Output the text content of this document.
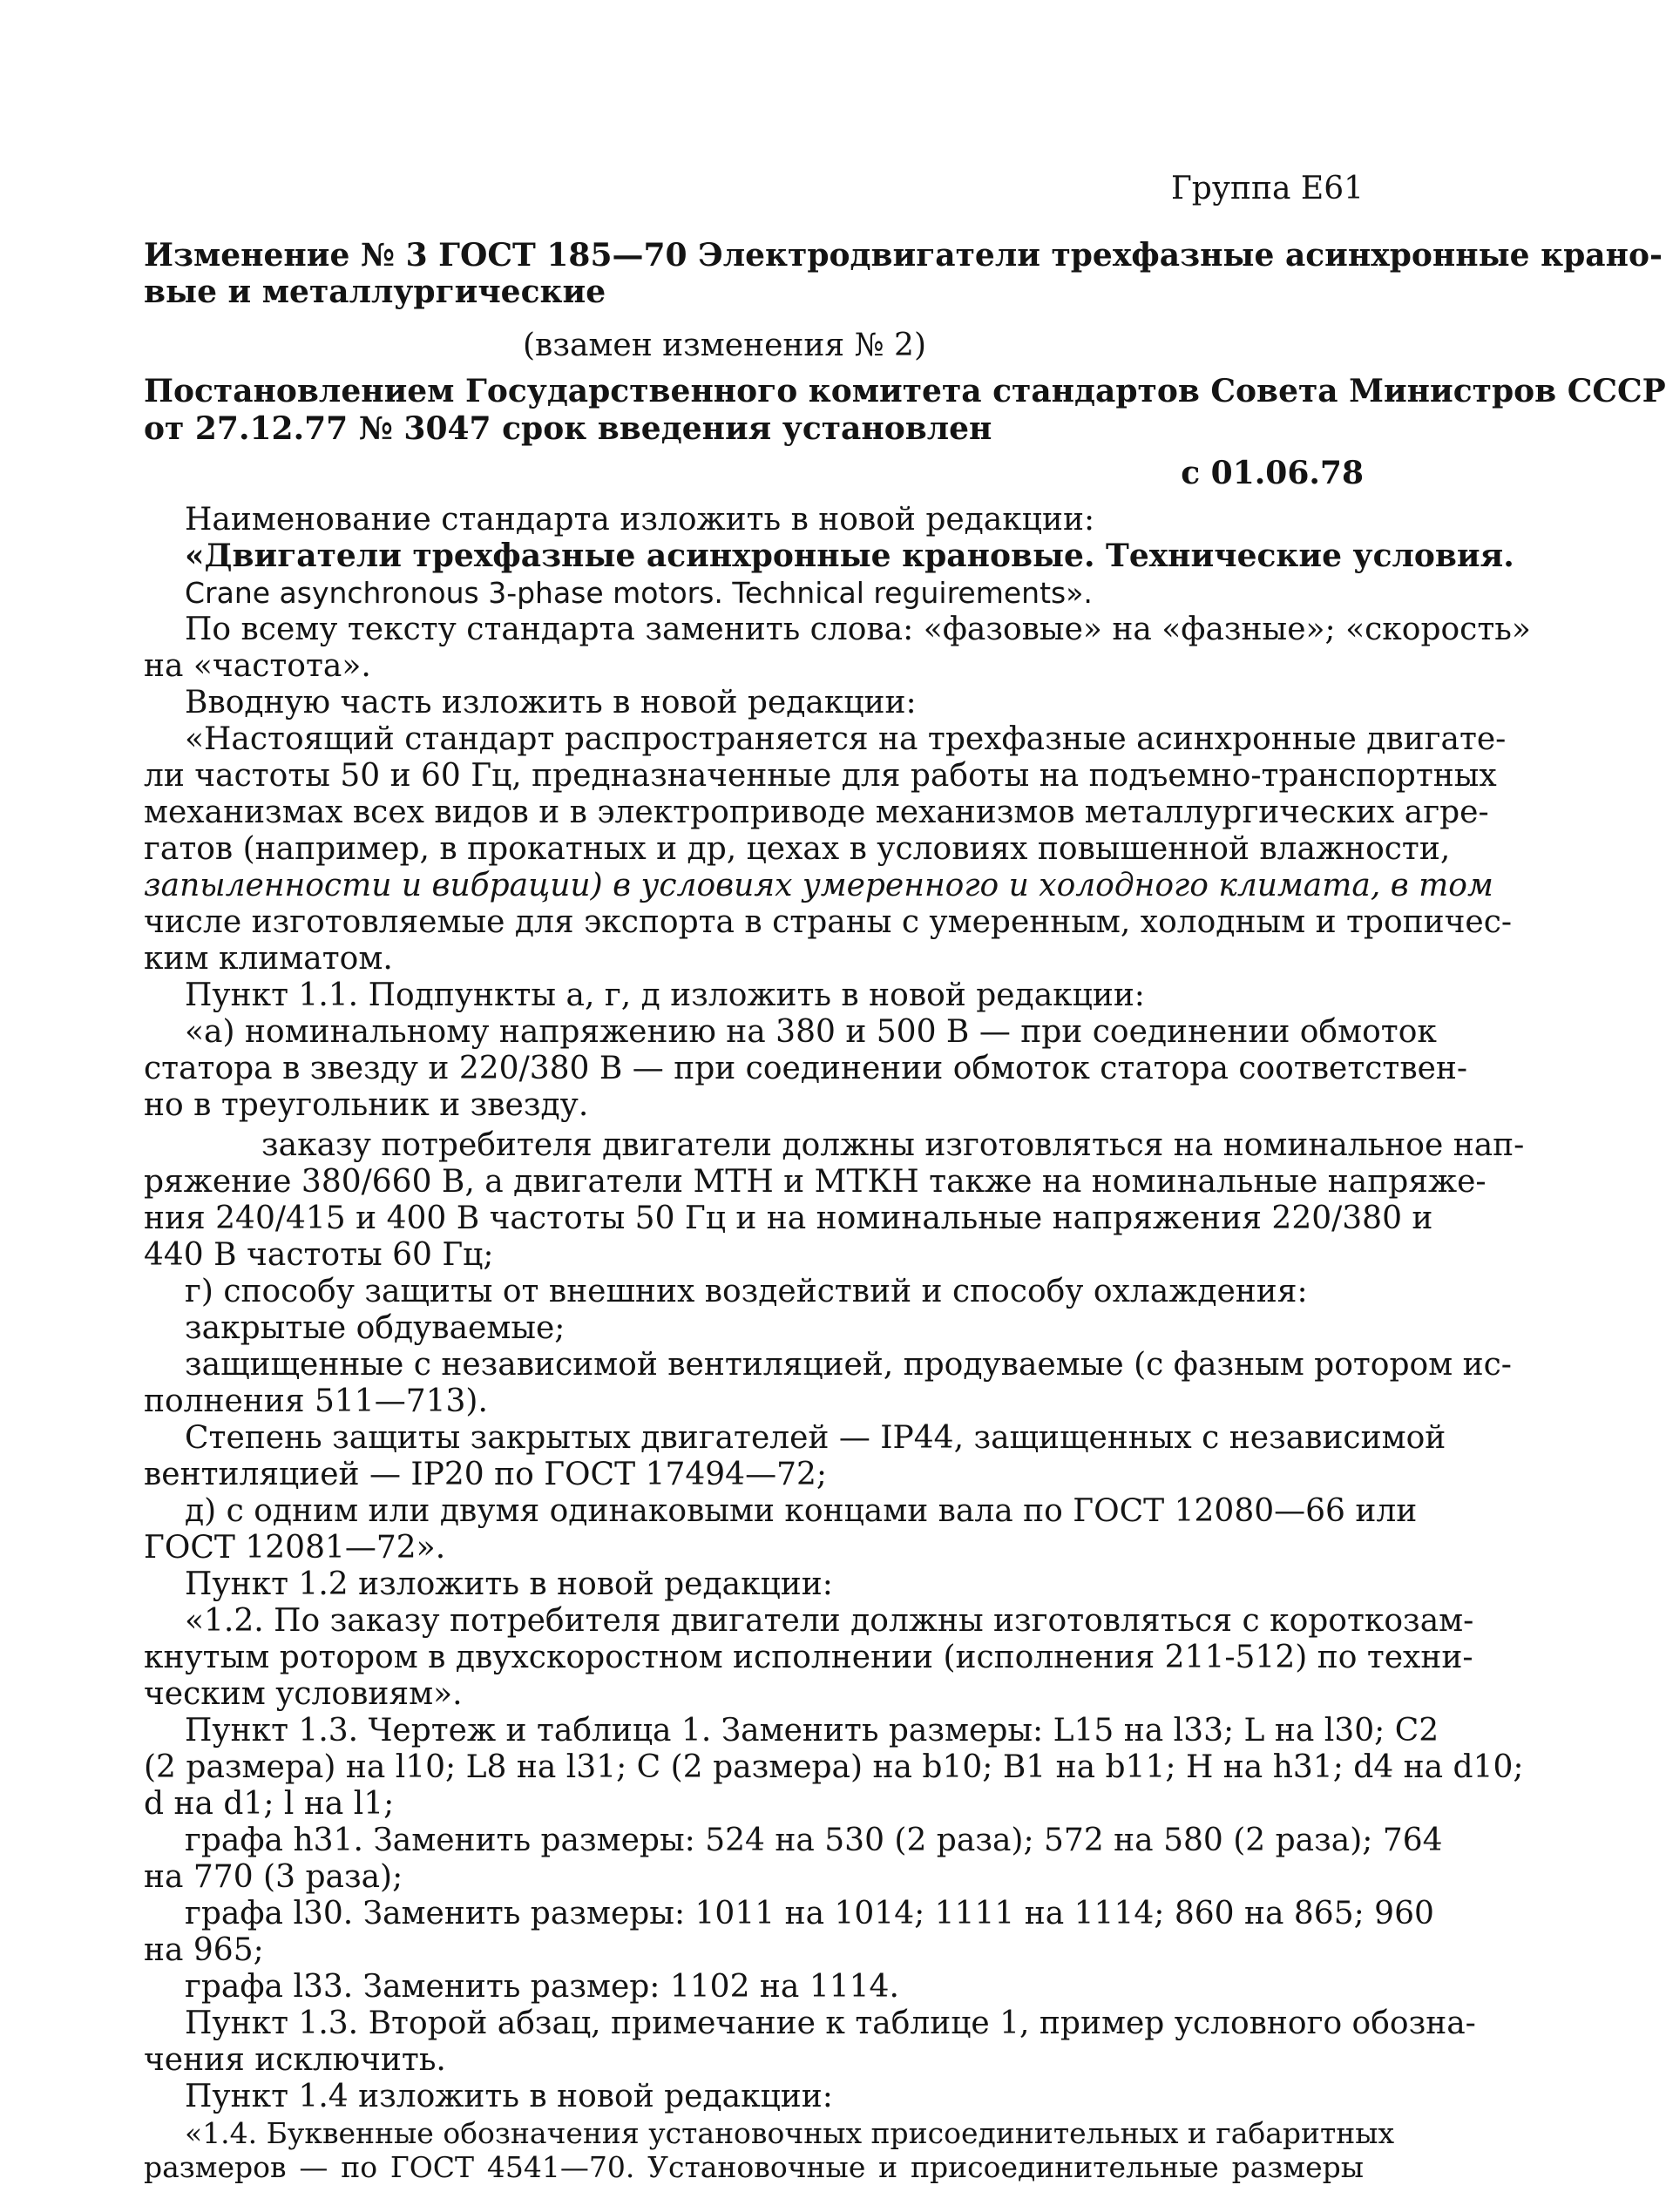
Группа Е61
Изменение № 3 ГОСТ 185—70 Электродвигатели трехфазные асинхронные крано-
вые и металлургические
(взамен изменения № 2)
Постановлением Государственного комитета стандартов Совета Министров СССР
от 27.12.77 № 3047 срок введения установлен
с 01.06.78
Наименование стандарта изложить в новой редакции:
«Двигатели трехфазные асинхронные крановые. Технические условия.
Crane asynchronous 3-phase motors. Technical reguirements».
По всему тексту стандарта заменить слова: «фазовые» на «фазные»; «скорость»
на «частота».
Вводную часть изложить в новой редакции:
«Настоящий стандарт распространяется на трехфазные асинхронные двигате-
ли частоты 50 и 60 Гц, предназначенные для работы на подъемно-транспортных
механизмах всех видов и в электроприводе механизмов металлургических агре-
гатов (например, в прокатных и др, цехах в условиях повышенной влажности,
запыленности и вибрации) в условиях умеренного и холодного климата, в том
числе изготовляемые для экспорта в страны с умеренным, холодным и тропичес-
ким климатом.
Пункт 1.1. Подпункты а, г, д изложить в новой редакции:
«а) номинальному напряжению на 380 и 500 В — при соединении обмоток
статора в звезду и 220/380 В — при соединении обмоток статора соответствен-
но в треугольник и звезду.
заказу потребителя двигатели должны изготовляться на номинальное нап-
ряжение 380/660 В, а двигатели МТН и МТКН также на номинальные напряже-
ния 240/415 и 400 В частоты 50 Гц и на номинальные напряжения 220/380 и
440 В частоты 60 Гц;
г) способу защиты от внешних воздействий и способу охлаждения:
закрытые обдуваемые;
защищенные с независимой вентиляцией, продуваемые (с фазным ротором ис-
полнения 511—713).
Степень защиты закрытых двигателей — IP44, защищенных с независимой
вентиляцией — IP20 по ГОСТ 17494—72;
д) с одним или двумя одинаковыми концами вала по ГОСТ 12080—66 или
ГОСТ 12081—72».
Пункт 1.2 изложить в новой редакции:
«1.2. По заказу потребителя двигатели должны изготовляться с короткозам-
кнутым ротором в двухскоростном исполнении (исполнения 211-512) по техни-
ческим условиям».
Пункт 1.3. Чертеж и таблица 1. Заменить размеры: L15 на l33; L на l30; C2
(2 размера) на l10; L8 на l31; C (2 размера) на b10; B1 на b11; H на h31; d4 на d10;
d на d1; l на l1;
графа h31. Заменить размеры: 524 на 530 (2 раза); 572 на 580 (2 раза); 764
на 770 (3 раза);
графа l30. Заменить размеры: 1011 на 1014; 1111 на 1114; 860 на 865; 960
на 965;
графа l33. Заменить размер: 1102 на 1114.
Пункт 1.3. Второй абзац, примечание к таблице 1, пример условного обозна-
чения исключить.
Пункт 1.4 изложить в новой редакции:
«1.4. Буквенные обозначения установочных присоединительных и габаритных
размеров — по ГОСТ 4541—70. Установочные и присоединительные размеры
